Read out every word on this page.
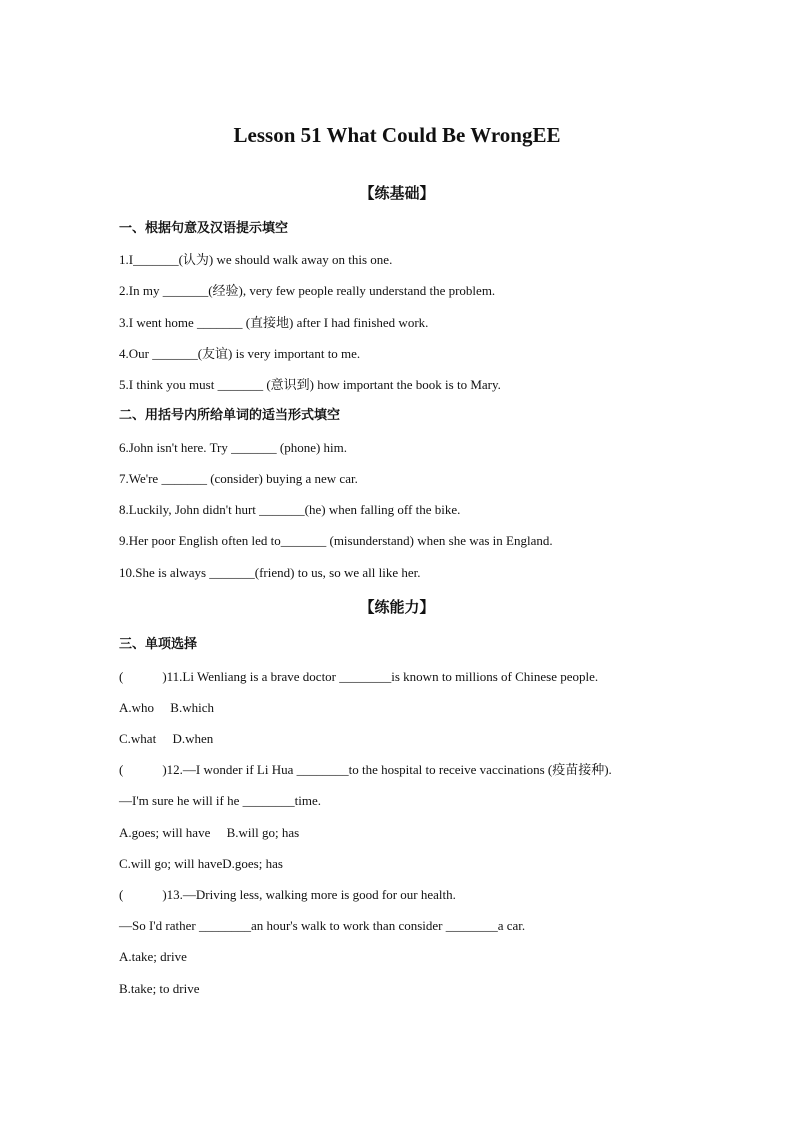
Lesson 51 What Could Be WrongEE
【练基础】
一、根据句意及汉语提示填空
1.I_______(认为) we should walk away on this one.
2.In my _______(经验), very few people really understand the problem.
3.I went home _______ (直接地) after I had finished work.
4.Our _______(友谊) is very important to me.
5.I think you must _______ (意识到) how important the book is to Mary.
二、用括号内所给单词的适当形式填空
6.John isn't here. Try _______ (phone) him.
7.We're _______ (consider) buying a new car.
8.Luckily, John didn't hurt _______(he) when falling off the bike.
9.Her poor English often led to_______ (misunderstand) when she was in England.
10.She is always _______(friend) to us, so we all like her.
【练能力】
三、单项选择
(　　　)11.Li Wenliang is a brave doctor ________is known to millions of Chinese people.
A.who　 B.which
C.what　 D.when
(　　　)12.—I wonder if Li Hua ________to the hospital to receive vaccinations (疫苗接种).
—I'm sure he will if he ________time.
A.goes; will have　 B.will go; has
C.will go; will haveD.goes; has
(　　　)13.—Driving less, walking more is good for our health.
—So I'd rather ________an hour's walk to work than consider ________a car.
A.take; drive
B.take; to drive
